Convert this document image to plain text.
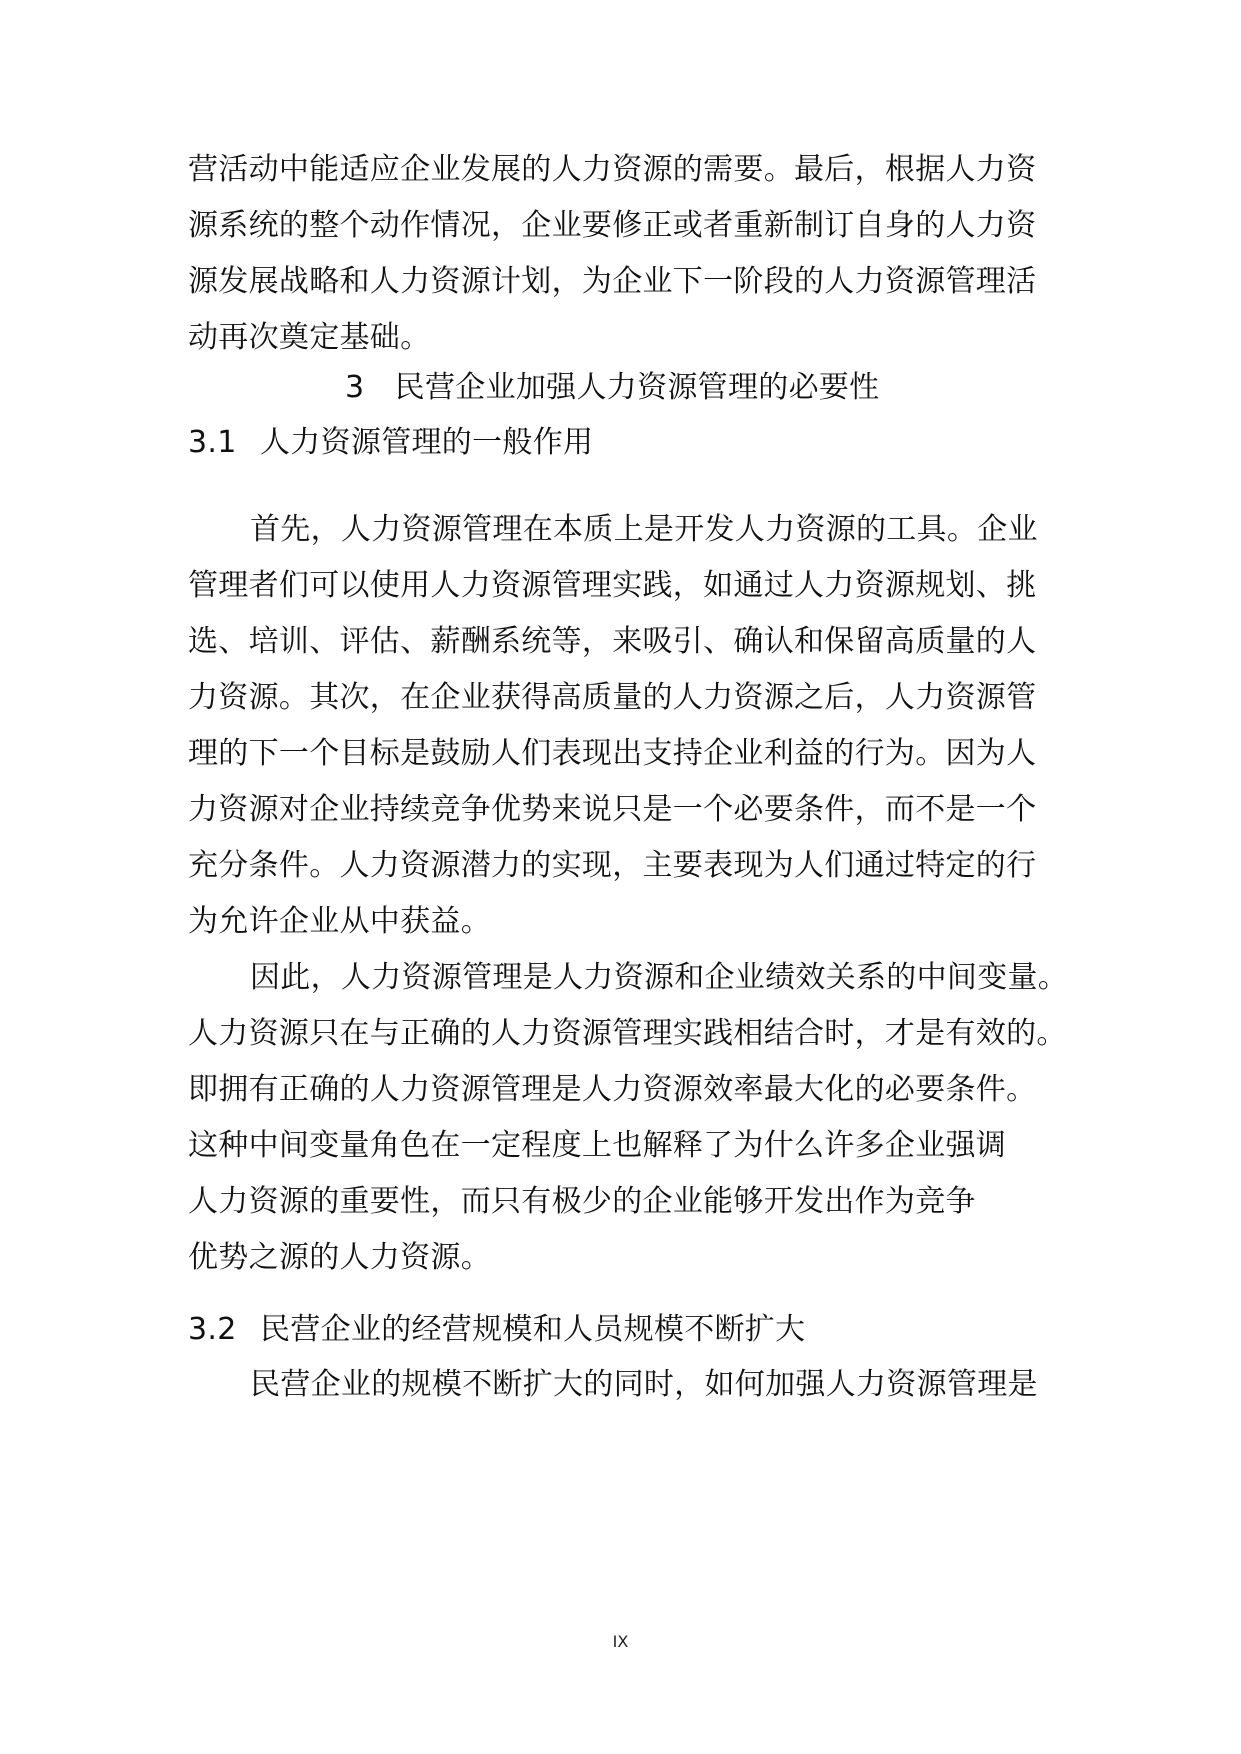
营活动中能适应企业发展的人力资源的需要。最后，根据人力资
源系统的整个动作情况，企业要修正或者重新制订自身的人力资
源发展战略和人力资源计划，为企业下一阶段的人力资源管理活
动再次奠定基础。
3　民营企业加强人力资源管理的必要性
3.1 人力资源管理的一般作用
首先，人力资源管理在本质上是开发人力资源的工具。企业
管理者们可以使用人力资源管理实践，如通过人力资源规划、挑
选、培训、评估、薪酬系统等，来吸引、确认和保留高质量的人
力资源。其次，在企业获得高质量的人力资源之后，人力资源管
理的下一个目标是鼓励人们表现出支持企业利益的行为。因为人
力资源对企业持续竞争优势来说只是一个必要条件，而不是一个
充分条件。人力资源潜力的实现，主要表现为人们通过特定的行
为允许企业从中获益。
因此，人力资源管理是人力资源和企业绩效关系的中间变量。
人力资源只在与正确的人力资源管理实践相结合时，才是有效的。
即拥有正确的人力资源管理是人力资源效率最大化的必要条件。
这种中间变量角色在一定程度上也解释了为什么许多企业强调
人力资源的重要性，而只有极少的企业能够开发出作为竞争
优势之源的人力资源。
3.2 民营企业的经营规模和人员规模不断扩大
民营企业的规模不断扩大的同时，如何加强人力资源管理是
IX
